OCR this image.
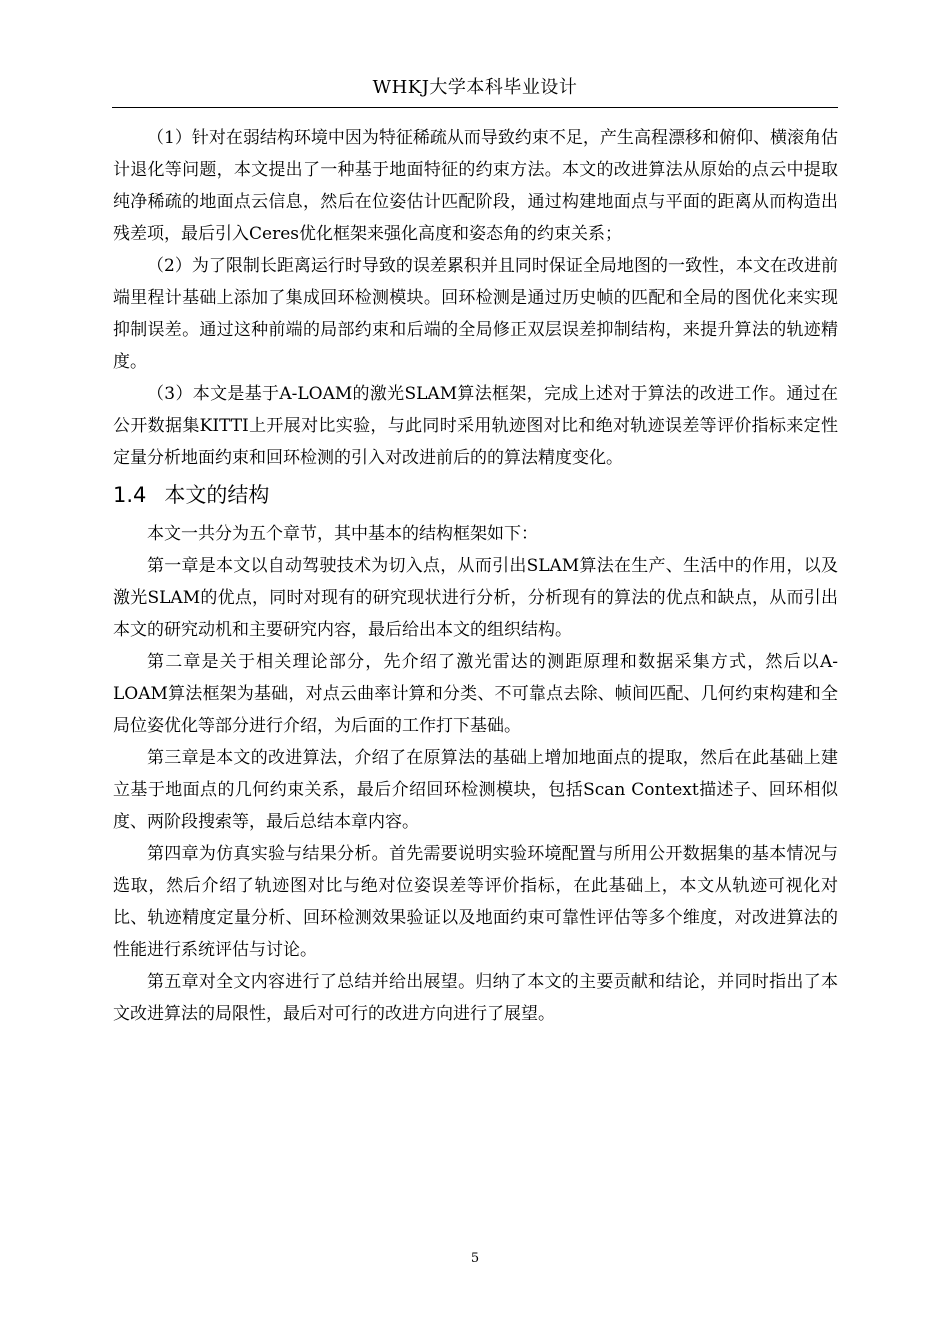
WHKJ大学本科毕业设计

（1）针对在弱结构环境中因为特征稀疏从而导致约束不足，产生高程漂移和俯仰、横滚角估计退化等问题，本文提出了一种基于地面特征的约束方法。本文的改进算法从原始的点云中提取纯净稀疏的地面点云信息，然后在位姿估计匹配阶段，通过构建地面点与平面的距离从而构造出残差项，最后引入Ceres优化框架来强化高度和姿态角的约束关系；

（2）为了限制长距离运行时导致的误差累积并且同时保证全局地图的一致性，本文在改进前端里程计基础上添加了集成回环检测模块。回环检测是通过历史帧的匹配和全局的图优化来实现抑制误差。通过这种前端的局部约束和后端的全局修正双层误差抑制结构，来提升算法的轨迹精度。

（3）本文是基于A-LOAM的激光SLAM算法框架，完成上述对于算法的改进工作。通过在公开数据集KITTI上开展对比实验，与此同时采用轨迹图对比和绝对轨迹误差等评价指标来定性定量分析地面约束和回环检测的引入对改进前后的的算法精度变化。

1.4 本文的结构

本文一共分为五个章节，其中基本的结构框架如下：

第一章是本文以自动驾驶技术为切入点，从而引出SLAM算法在生产、生活中的作用，以及激光SLAM的优点，同时对现有的研究现状进行分析，分析现有的算法的优点和缺点，从而引出本文的研究动机和主要研究内容，最后给出本文的组织结构。

第二章是关于相关理论部分，先介绍了激光雷达的测距原理和数据采集方式，然后以A-LOAM算法框架为基础，对点云曲率计算和分类、不可靠点去除、帧间匹配、几何约束构建和全局位姿优化等部分进行介绍，为后面的工作打下基础。

第三章是本文的改进算法，介绍了在原算法的基础上增加地面点的提取，然后在此基础上建立基于地面点的几何约束关系，最后介绍回环检测模块，包括Scan Context描述子、回环相似度、两阶段搜索等，最后总结本章内容。

第四章为仿真实验与结果分析。首先需要说明实验环境配置与所用公开数据集的基本情况与选取，然后介绍了轨迹图对比与绝对位姿误差等评价指标，在此基础上，本文从轨迹可视化对比、轨迹精度定量分析、回环检测效果验证以及地面约束可靠性评估等多个维度，对改进算法的性能进行系统评估与讨论。

第五章对全文内容进行了总结并给出展望。归纳了本文的主要贡献和结论，并同时指出了本文改进算法的局限性，最后对可行的改进方向进行了展望。

5
